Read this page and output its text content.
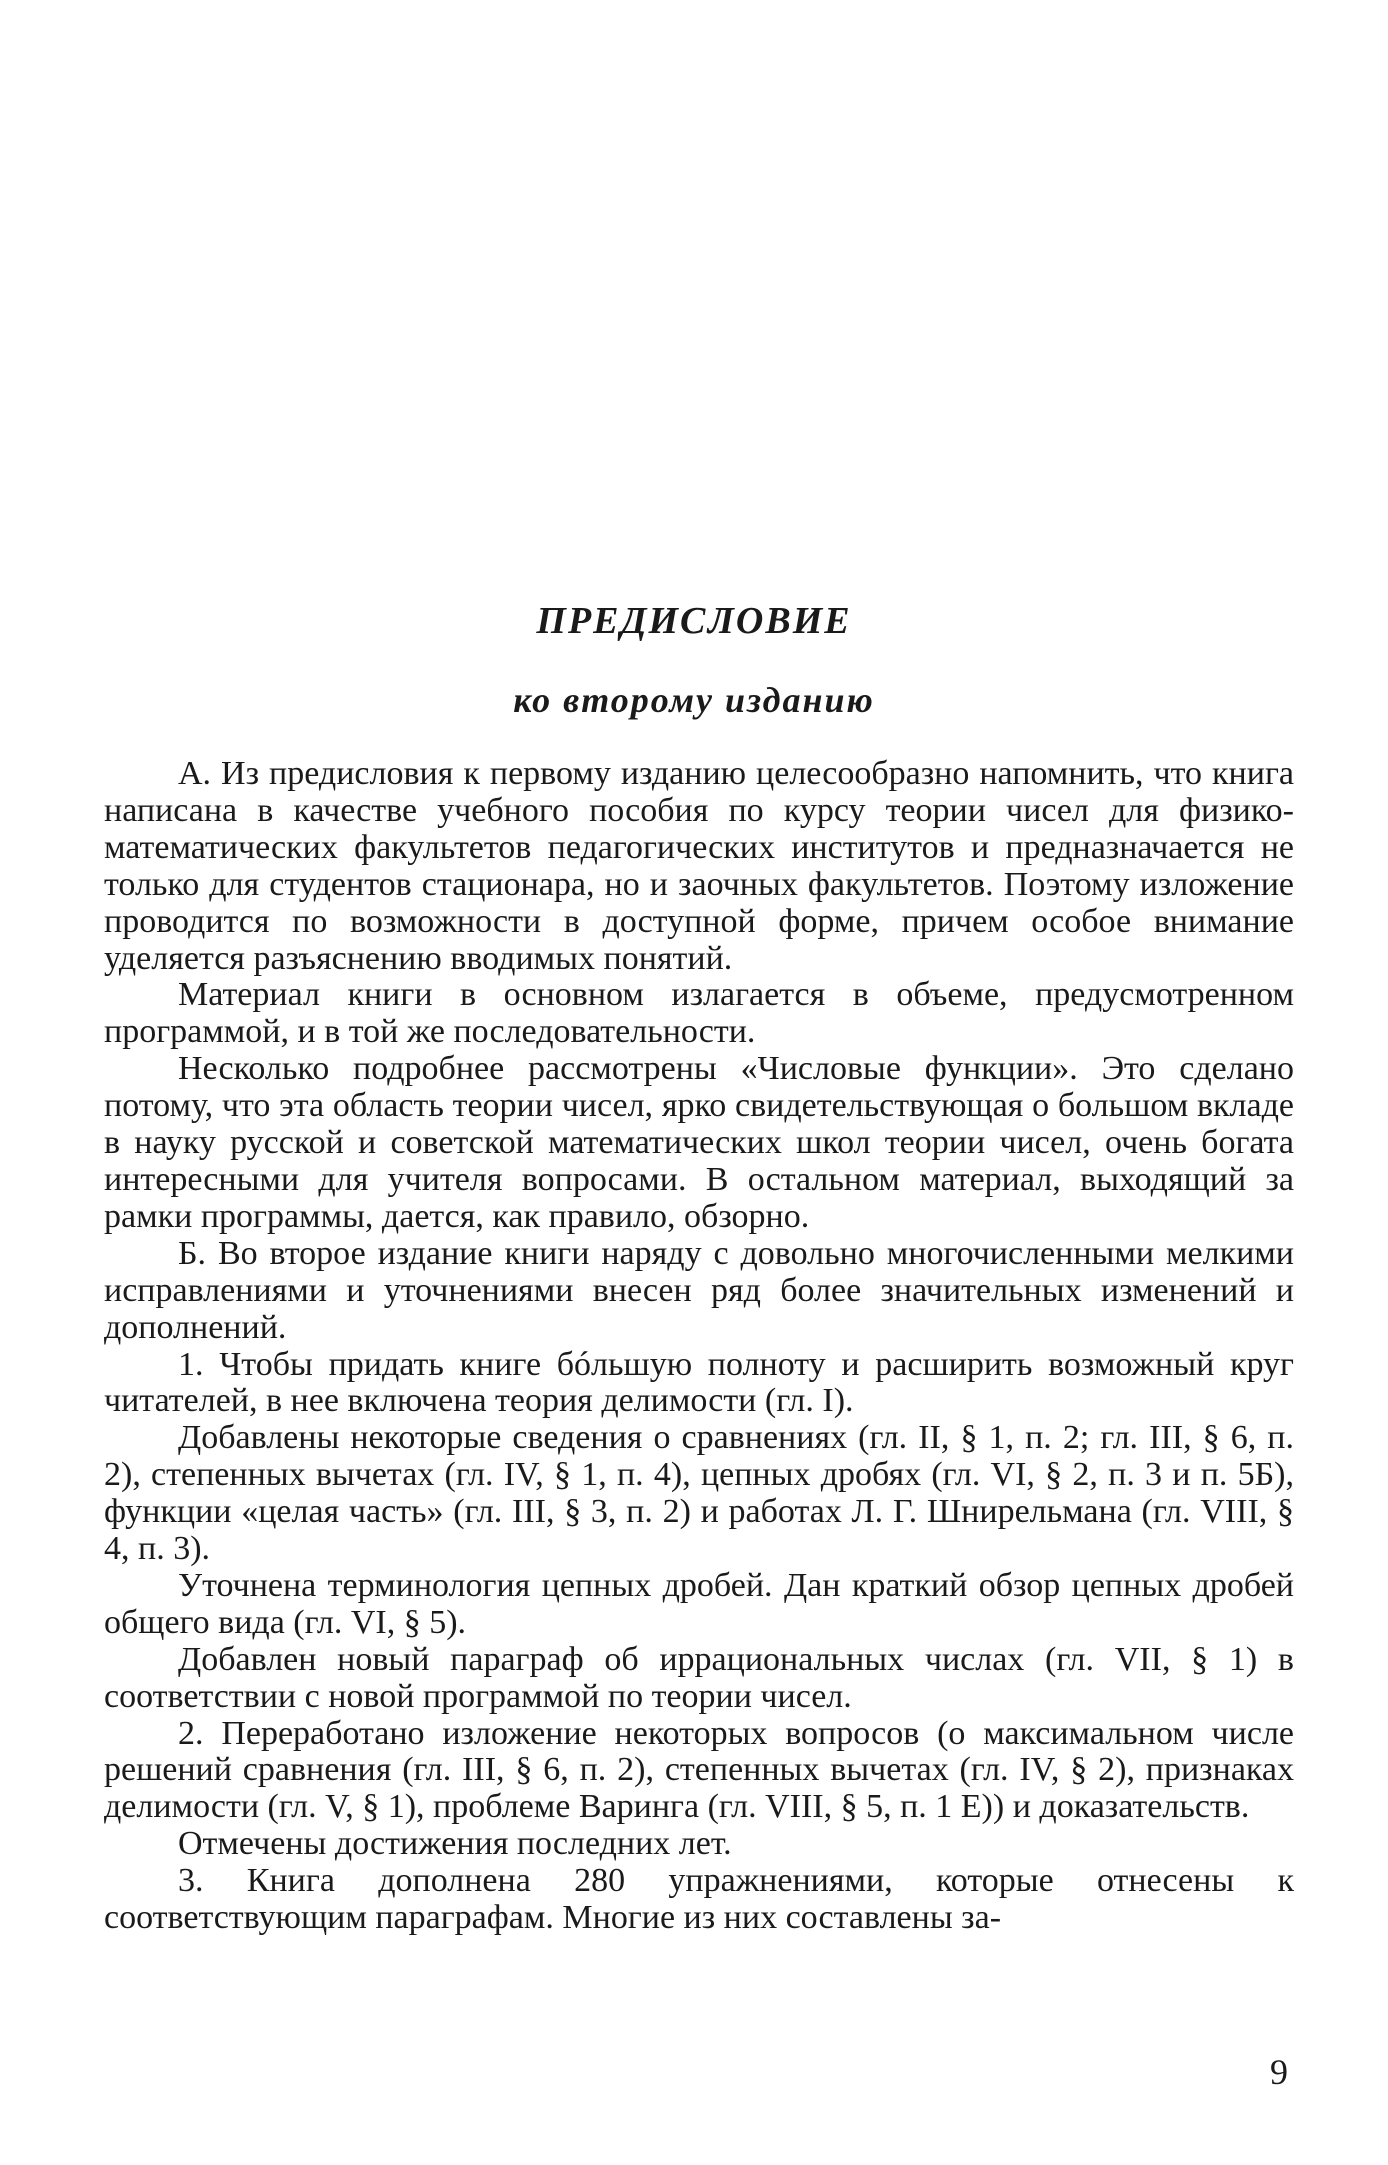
ПРЕДИСЛОВИЕ
ко второму изданию

А. Из предисловия к первому изданию целесообразно напомнить, что книга написана в качестве учебного пособия по курсу теории чисел для физико-математических факультетов педагогических институтов и предназначается не только для студентов стационара, но и заочных факультетов. Поэтому изложение проводится по возможности в доступной форме, причем особое внимание уделяется разъяснению вводимых понятий.

Материал книги в основном излагается в объеме, предусмотренном программой, и в той же последовательности.

Несколько подробнее рассмотрены «Числовые функции». Это сделано потому, что эта область теории чисел, ярко свидетельствующая о большом вкладе в науку русской и советской математических школ теории чисел, очень богата интересными для учителя вопросами. В остальном материал, выходящий за рамки программы, дается, как правило, обзорно.

Б. Во второе издание книги наряду с довольно многочисленными мелкими исправлениями и уточнениями внесен ряд более значительных изменений и дополнений.

1. Чтобы придать книге бóльшую полноту и расширить возможный круг читателей, в нее включена теория делимости (гл. I).

Добавлены некоторые сведения о сравнениях (гл. II, § 1, п. 2; гл. III, § 6, п. 2), степенных вычетах (гл. IV, § 1, п. 4), цепных дробях (гл. VI, § 2, п. 3 и п. 5Б), функции «целая часть» (гл. III, § 3, п. 2) и работах Л. Г. Шнирельмана (гл. VIII, § 4, п. 3).

Уточнена терминология цепных дробей. Дан краткий обзор цепных дробей общего вида (гл. VI, § 5).

Добавлен новый параграф об иррациональных числах (гл. VII, § 1) в соответствии с новой программой по теории чисел.

2. Переработано изложение некоторых вопросов (о максимальном числе решений сравнения (гл. III, § 6, п. 2), степенных вычетах (гл. IV, § 2), признаках делимости (гл. V, § 1), проблеме Варинга (гл. VIII, § 5, п. 1 Е)) и доказательств.

Отмечены достижения последних лет.

3. Книга дополнена 280 упражнениями, которые отнесены к соответствующим параграфам. Многие из них составлены за-

9
